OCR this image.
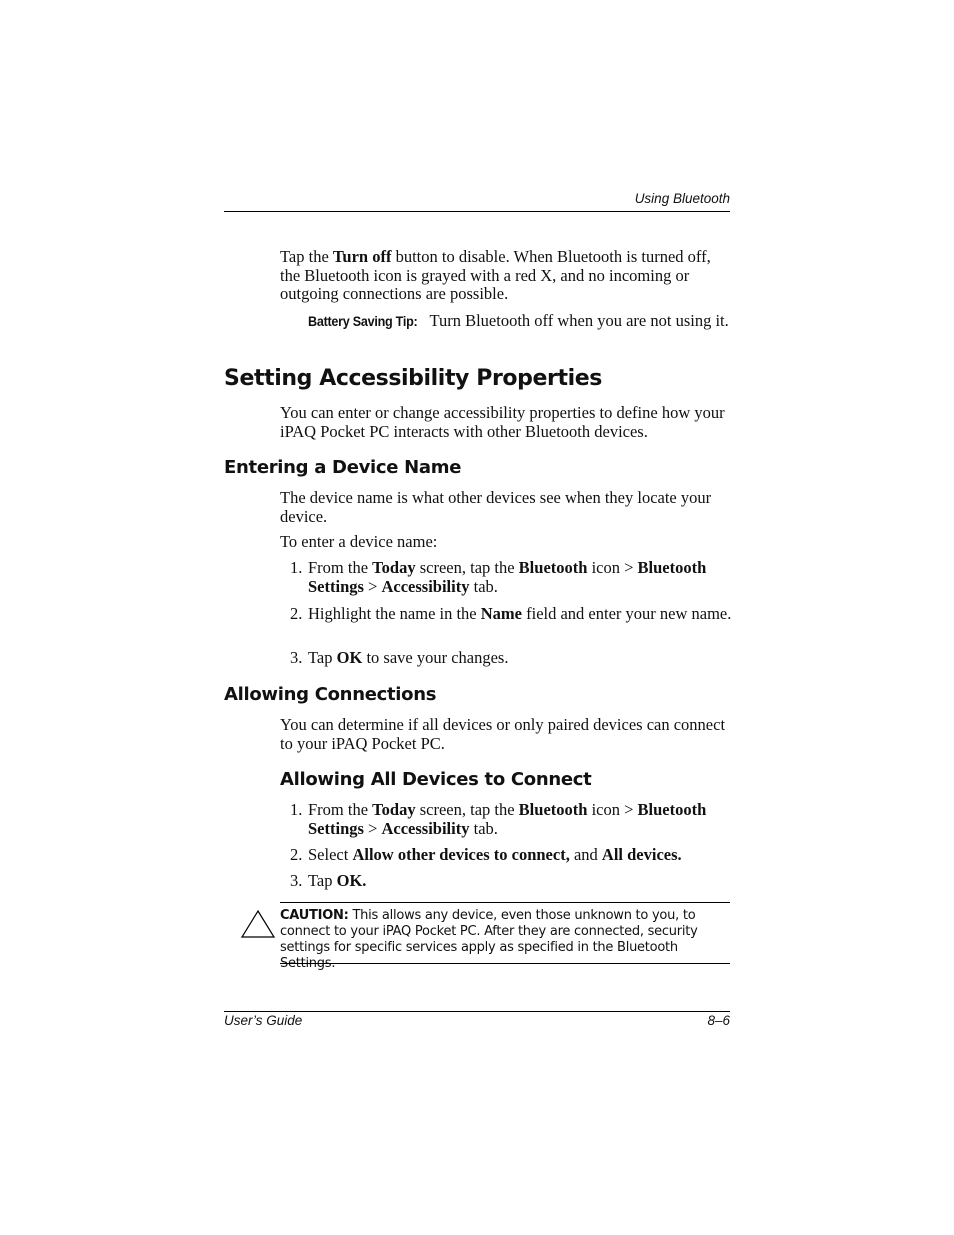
Using Bluetooth
Tap the Turn off button to disable. When Bluetooth is turned off, the Bluetooth icon is grayed with a red X, and no incoming or outgoing connections are possible.
Battery Saving Tip: Turn Bluetooth off when you are not using it.
Setting Accessibility Properties
You can enter or change accessibility properties to define how your iPAQ Pocket PC interacts with other Bluetooth devices.
Entering a Device Name
The device name is what other devices see when they locate your device.
To enter a device name:
1. From the Today screen, tap the Bluetooth icon > Bluetooth Settings > Accessibility tab.
2. Highlight the name in the Name field and enter your new name.
3. Tap OK to save your changes.
Allowing Connections
You can determine if all devices or only paired devices can connect to your iPAQ Pocket PC.
Allowing All Devices to Connect
1. From the Today screen, tap the Bluetooth icon > Bluetooth Settings > Accessibility tab.
2. Select Allow other devices to connect, and All devices.
3. Tap OK.
CAUTION: This allows any device, even those unknown to you, to connect to your iPAQ Pocket PC. After they are connected, security settings for specific services apply as specified in the Bluetooth Settings.
User’s Guide	8–6
